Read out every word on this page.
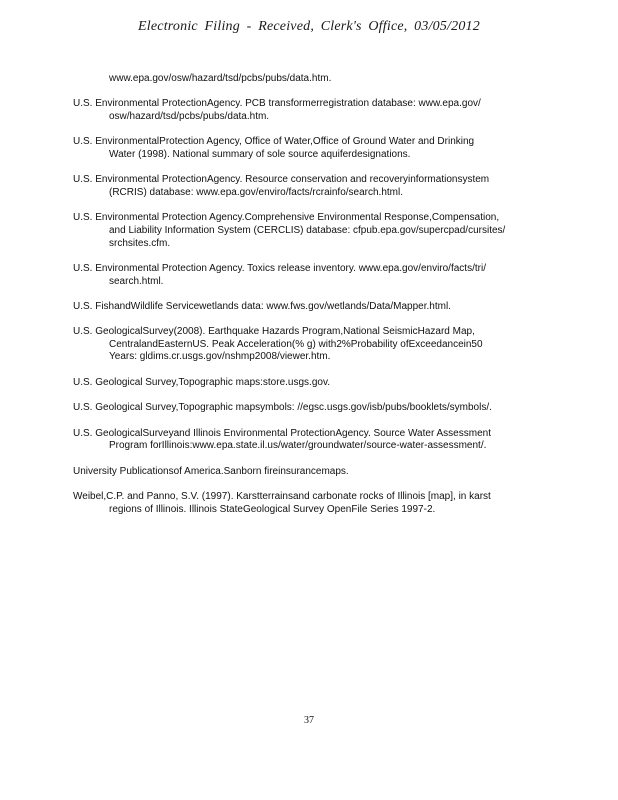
Electronic Filing - Received, Clerk's Office, 03/05/2012
www.epa.gov/osw/hazard/tsd/pcbs/pubs/data.htm.
U.S. Environmental ProtectionAgency. PCB transformerregistration database: www.epa.gov/
osw/hazard/tsd/pcbs/pubs/data.htm.
U.S. EnvironmentalProtection Agency, Office of Water,Office of Ground Water and Drinking
Water (1998). National summary of sole source aquiferdesignations.
U.S. Environmental ProtectionAgency. Resource conservation and recoveryinformationsystem
(RCRIS) database: www.epa.gov/enviro/facts/rcrainfo/search.html.
U.S. Environmental Protection Agency.Comprehensive Environmental Response,Compensation,
and Liability Information System (CERCLIS) database: cfpub.epa.gov/supercpad/cursites/
srchsites.cfm.
U.S. Environmental Protection Agency. Toxics release inventory. www.epa.gov/enviro/facts/tri/
search.html.
U.S. FishandWildlife Servicewetlands data: www.fws.gov/wetlands/Data/Mapper.html.
U.S. GeologicalSurvey(2008). Earthquake Hazards Program,National SeismicHazard Map,
CentralandEasternUS. Peak Acceleration(% g) with2%Probability ofExceedancein50
Years: gldims.cr.usgs.gov/nshmp2008/viewer.htm.
U.S. Geological Survey,Topographic maps:store.usgs.gov.
U.S. Geological Survey,Topographic mapsymbols: //egsc.usgs.gov/isb/pubs/booklets/symbols/.
U.S. GeologicalSurveyand Illinois Environmental ProtectionAgency. Source Water Assessment
Program forIllinois:www.epa.state.il.us/water/groundwater/source-water-assessment/.
University Publicationsof America.Sanborn fireinsurancemaps.
Weibel,C.P. and Panno, S.V. (1997). Karstterrainsand carbonate rocks of Illinois [map], in karst
regions of Illinois. Illinois StateGeological Survey OpenFile Series 1997-2.
37
